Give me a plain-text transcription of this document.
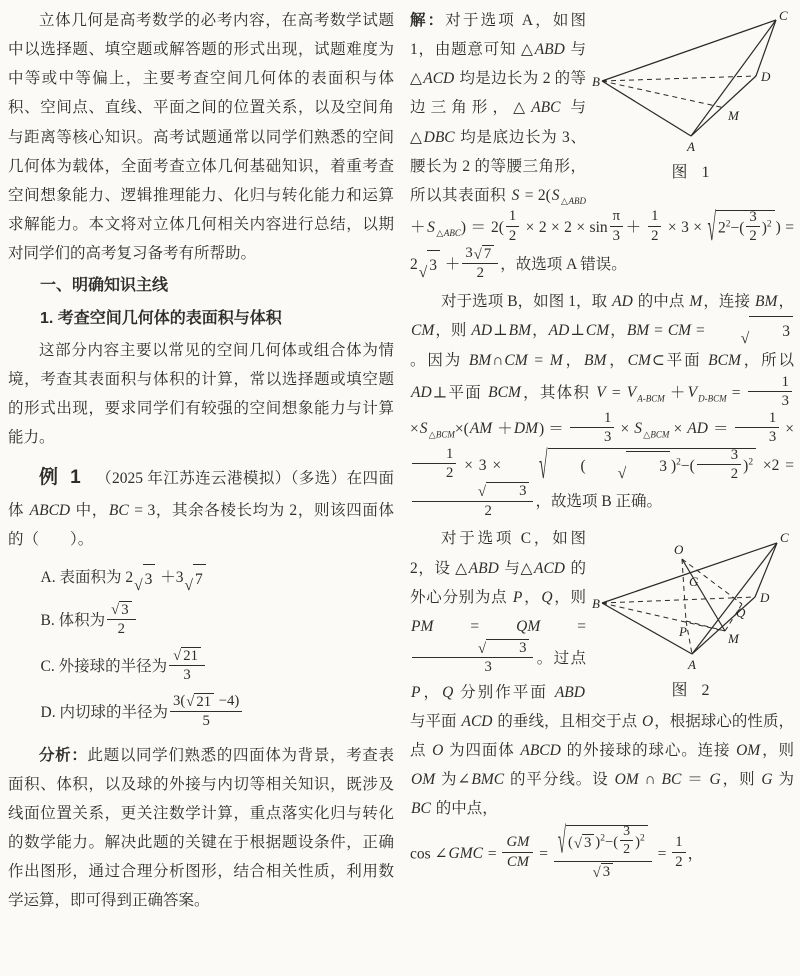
立体几何是高考数学的必考内容，在高考数学试题中以选择题、填空题或解答题的形式出现，试题难度为中等或中等偏上，主要考查空间几何体的表面积与体积、空间点、直线、平面之间的位置关系，以及空间角与距离等核心知识。高考试题通常以同学们熟悉的空间几何体为载体，全面考查立体几何基础知识，着重考查空间想象能力、逻辑推理能力、化归与转化能力和运算求解能力。本文将对立体几何相关内容进行总结，以期对同学们的高考复习备考有所帮助。

一、明确知识主线
1. 考查空间几何体的表面积与体积

这部分内容主要以常见的空间几何体或组合体为情境，考查其表面积与体积的计算，常以选择题或填空题的形式出现，要求同学们有较强的空间想象能力与计算能力。

例 1 （2025 年江苏连云港模拟）（多选）在四面体 ABCD 中，BC = 3，其余各棱长均为 2，则该四面体的（　　）。

A. 表面积为 2 √ 3 ＋3 √ 7

B. 体积为 $\frac{√ 3}{2}$

C. 外接球的半径为 $\frac{√ 21}{3}$

D. 内切球的半径为 $\frac{3( √ 21 -4)}{5}$

分析：此题以同学们熟悉的四面体为背景，考查表面积、体积，以及球的外接与内切等相关知识，既涉及线面位置关系，更关注数学计算，重点落实化归与转化的数学能力。解决此题的关键在于根据题设条件，正确作出图形，通过合理分析图形，结合相关性质，利用数学运算，即可得到正确答案。

B
C
D
M
A
图 1

解：对于选项 A，如图 1，由题意可知 △ABD 与△ACD 均是边长为 2 的等边三角形，△ABC 与△DBC 均是底边长为 3、腰长为 2 的等腰三角形，所以其表面积 $S = 2(S_{\triangle ABD} +S_{\triangle ABC}) = 2( \frac{1}{2} \times 2 \times 2 \times \sin \frac{\pi}{3} + \frac{1}{2} \times 3$ × √ $2^2-( \frac{3}{2} )^2$ ) = 2 √ $3 + \frac{3 √ 7}{2}$ ，故选项 A 错误。

对于选项 B，如图 1，取 AD 的中点 M，连接 BM，CM，则 AD⊥BM，AD⊥CM，BM = CM =	√	3
。因为 BM∩CM = M，BM，CM⊂平面 BCM，所以 AD⊥平面 BCM，其体积 $V = V_{A-BCM} +V_{D-BCM} = \frac{1}{3}$
$\times S_{\triangle BCM}\times(AM +DM) = \frac{1}{3} \times S_{\triangle BCM}$ × AD ＝ $\frac{1}{3}$ ×
$\frac{1}{2} \times 3$ ×	√	(	√	3 )$^2-( \frac{3}{2} )^2 \times 2$ =
√	3
2 ，故选项 B 正确。

O
G
B
C
D
Q
P	M
A
图 2

对于选项 C，如图 2，设 △ABD 与△ACD 的外心分别为点 P，Q，则 PM = QM =
√	3
3 。过点 P，Q 分别作平面 ABD 与平面 ACD 的垂线，且相交于点 O，根据球心的性质，点 O 为四面体 ABCD 的外接球的球心。连接 OM，则 OM 为∠BMC 的平分线。设 OM ∩ BC ＝ G，则 G 为 BC 的中点，

cos ∠GMC = $\frac{GM}{CM} = \frac{√ ( √ 3 )^2-( \frac{3}{2} )^2}{√ 3} = \frac{1}{2}$ ，
